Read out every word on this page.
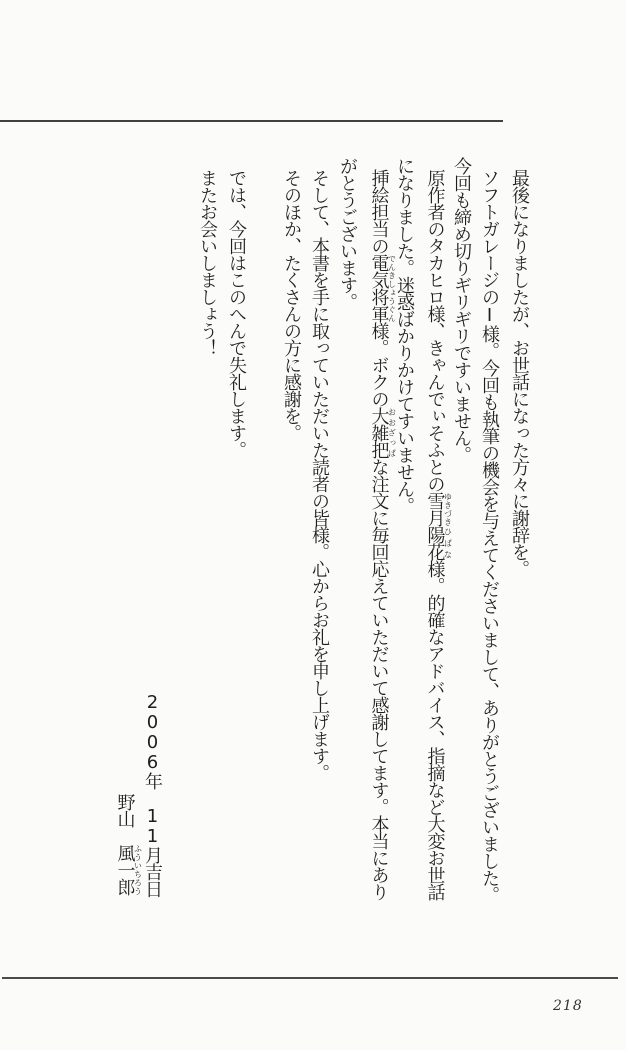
最後になりましたが、お世話になった方々に謝辞を。
ソフトガレージのI様。今回も執筆の機会を与えてくださいまして、ありがとうございました。
今回も締め切りギリギリですいません。
原作者のタカヒロ様、きゃんでぃそふとの雪月ゆきづき陽花ひばな様。的確なアドバイス、指摘など大変お世話
になりました。迷惑ばかりかけてすいません。
挿絵担当の電気将軍でんきしょうぐん様。ボクの大雑把おおざっぱな注文に毎回応えていただいて感謝してます。本当にあり
がとうございます。
そして、本書を手に取っていただいた読者の皆様。心からお礼を申し上げます。
そのほか、たくさんの方に感謝を。
では、今回はこのへんで失礼します。
またお会いしましょう！
2006年　11月吉日
野山　風一郎ふういちろう
218
